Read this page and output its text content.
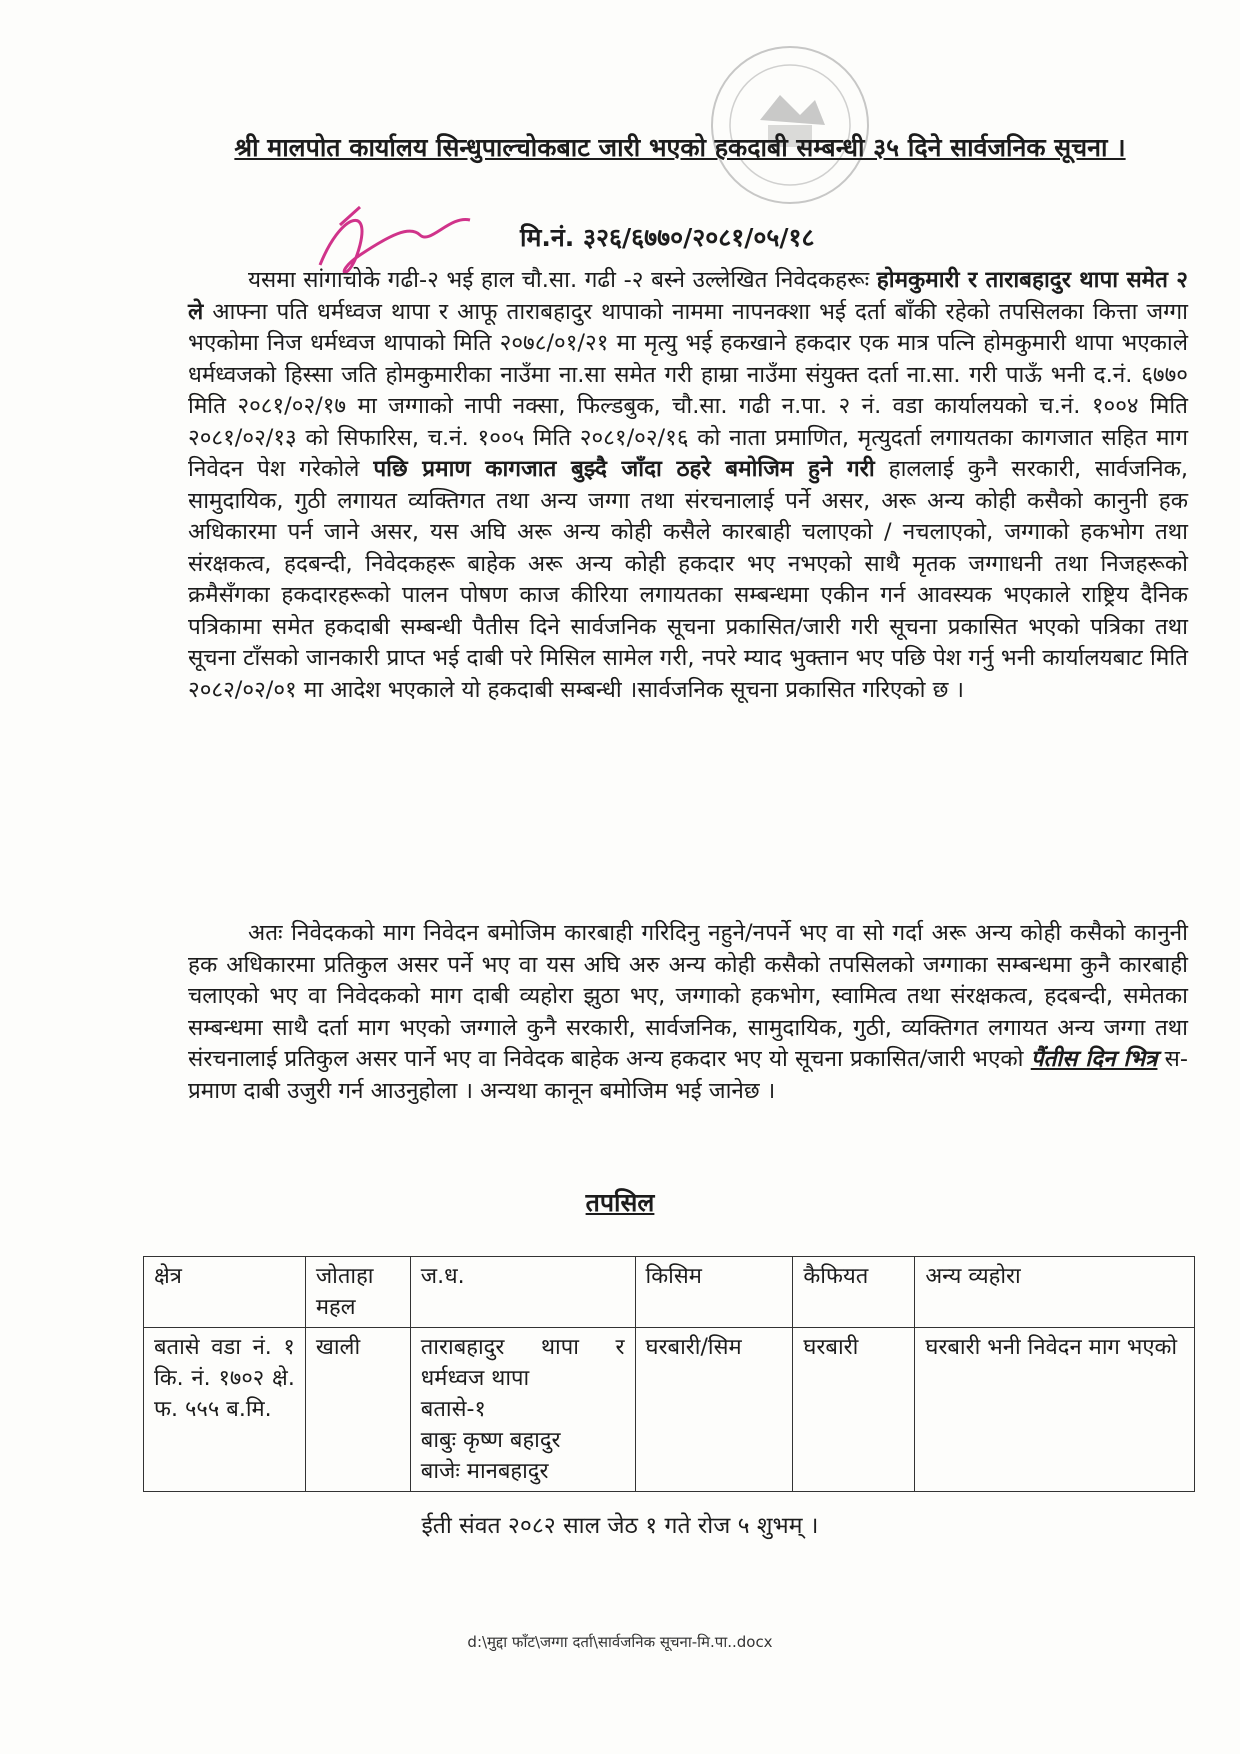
श्री मालपोत कार्यालय सिन्धुपाल्चोकबाट जारी भएको हकदाबी सम्बन्धी ३५ दिने सार्वजनिक सूचना ।
मि.नं. ३२६/६७७०/२०८१/०५/१८
यसमा सांगाचोके गढी-२ भई हाल चौ.सा. गढी -२ बस्ने उल्लेखित निवेदकहरूः होमकुमारी र ताराबहादुर थापा समेत २ ले आफ्ना पति धर्मध्वज थापा र आफू ताराबहादुर थापाको नाममा नापनक्शा भई दर्ता बाँकी रहेको तपसिलका कित्ता जग्गा भएकोमा निज धर्मध्वज थापाको मिति २०७८/०१/२१ मा मृत्यु भई हकखाने हकदार एक मात्र पत्नि होमकुमारी थापा भएकाले धर्मध्वजको हिस्सा जति होमकुमारीका नाउँमा ना.सा समेत गरी हाम्रा नाउँमा संयुक्त दर्ता ना.सा. गरी पाऊँ भनी द.नं. ६७७० मिति २०८१/०२/१७ मा जग्गाको नापी नक्सा, फिल्डबुक, चौ.सा. गढी न.पा. २ नं. वडा कार्यालयको च.नं. १००४ मिति २०८१/०२/१३ को सिफारिस, च.नं. १००५ मिति २०८१/०२/१६ को नाता प्रमाणित, मृत्युदर्ता लगायतका कागजात सहित माग निवेदन पेश गरेकोले पछि प्रमाण कागजात बुझ्दै जाँदा ठहरे बमोजिम हुने गरी हाललाई कुनै सरकारी, सार्वजनिक, सामुदायिक, गुठी लगायत व्यक्तिगत तथा अन्य जग्गा तथा संरचनालाई पर्ने असर, अरू अन्य कोही कसैको कानुनी हक अधिकारमा पर्न जाने असर, यस अघि अरू अन्य कोही कसैले कारबाही चलाएको / नचलाएको, जग्गाको हकभोग तथा संरक्षकत्व, हदबन्दी, निवेदकहरू बाहेक अरू अन्य कोही हकदार भए नभएको साथै मृतक जग्गाधनी तथा निजहरूको क्रमैसँगका हकदारहरूको पालन पोषण काज कीरिया लगायतका सम्बन्धमा एकीन गर्न आवस्यक भएकाले राष्ट्रिय दैनिक पत्रिकामा समेत हकदाबी सम्बन्धी पैतीस दिने सार्वजनिक सूचना प्रकासित/जारी गरी सूचना प्रकासित भएको पत्रिका तथा सूचना टाँसको जानकारी प्राप्त भई दाबी परे मिसिल सामेल गरी, नपरे म्याद भुक्तान भए पछि पेश गर्नु भनी कार्यालयबाट मिति २०८२/०२/०१ मा आदेश भएकाले यो हकदाबी सम्बन्धी ।सार्वजनिक सूचना प्रकासित गरिएको छ ।
अतः निवेदकको माग निवेदन बमोजिम कारबाही गरिदिनु नहुने/नपर्ने भए वा सो गर्दा अरू अन्य कोही कसैको कानुनी हक अधिकारमा प्रतिकुल असर पर्ने भए वा यस अघि अरु अन्य कोही कसैको तपसिलको जग्गाका सम्बन्धमा कुनै कारबाही चलाएको भए वा निवेदकको माग दाबी व्यहोरा झुठा भए, जग्गाको हकभोग, स्वामित्व तथा संरक्षकत्व, हदबन्दी, समेतका सम्बन्धमा साथै दर्ता माग भएको जग्गाले कुनै सरकारी, सार्वजनिक, सामुदायिक, गुठी, व्यक्तिगत लगायत अन्य जग्गा तथा संरचनालाई प्रतिकुल असर पार्ने भए वा निवेदक बाहेक अन्य हकदार भए यो सूचना प्रकासित/जारी भएको पैंतीस दिन भित्र स-प्रमाण दाबी उजुरी गर्न आउनुहोला । अन्यथा कानून बमोजिम भई जानेछ ।
तपसिल
क्षेत्र	जोताहा महल	ज.ध.	किसिम	कैफियत	अन्य व्यहोरा
बतासे वडा नं. १ कि. नं. १७०२ क्षे. फ. ५५५ ब.मि.	खाली	ताराबहादुर थापा र धर्मध्वज थापा
बतासे-१
बाबुः कृष्ण बहादुर
बाजेः मानबहादुर	घरबारी/सिम	घरबारी	घरबारी भनी निवेदन माग भएको
ईती संवत २०८२ साल जेठ १ गते रोज ५ शुभम् ।
d:\मुद्दा फाँट\जग्गा दर्ता\सार्वजनिक सूचना-मि.पा..docx
